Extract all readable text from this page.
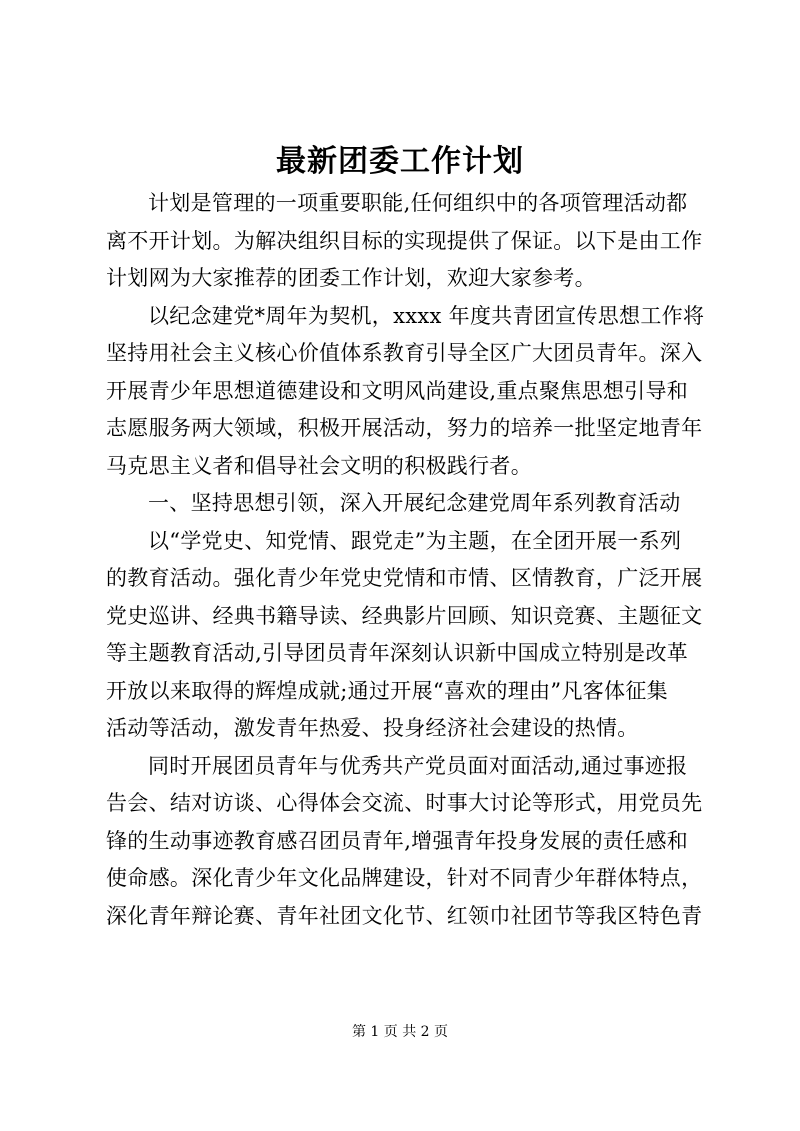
最新团委工作计划
计划是管理的一项重要职能,任何组织中的各项管理活动都
离不开计划。为解决组织目标的实现提供了保证。以下是由工作
计划网为大家推荐的团委工作计划，欢迎大家参考。
以纪念建党*周年为契机，xxxx 年度共青团宣传思想工作将
坚持用社会主义核心价值体系教育引导全区广大团员青年。深入
开展青少年思想道德建设和文明风尚建设,重点聚焦思想引导和
志愿服务两大领域，积极开展活动，努力的培养一批坚定地青年
马克思主义者和倡导社会文明的积极践行者。
一、坚持思想引领，深入开展纪念建党周年系列教育活动
以“学党史、知党情、跟党走”为主题，在全团开展一系列
的教育活动。强化青少年党史党情和市情、区情教育，广泛开展
党史巡讲、经典书籍导读、经典影片回顾、知识竞赛、主题征文
等主题教育活动,引导团员青年深刻认识新中国成立特别是改革
开放以来取得的辉煌成就;通过开展“喜欢的理由”凡客体征集
活动等活动，激发青年热爱、投身经济社会建设的热情。
同时开展团员青年与优秀共产党员面对面活动,通过事迹报
告会、结对访谈、心得体会交流、时事大讨论等形式，用党员先
锋的生动事迹教育感召团员青年,增强青年投身发展的责任感和
使命感。深化青少年文化品牌建设，针对不同青少年群体特点，
深化青年辩论赛、青年社团文化节、红领巾社团节等我区特色青
第 1 页 共 2 页
